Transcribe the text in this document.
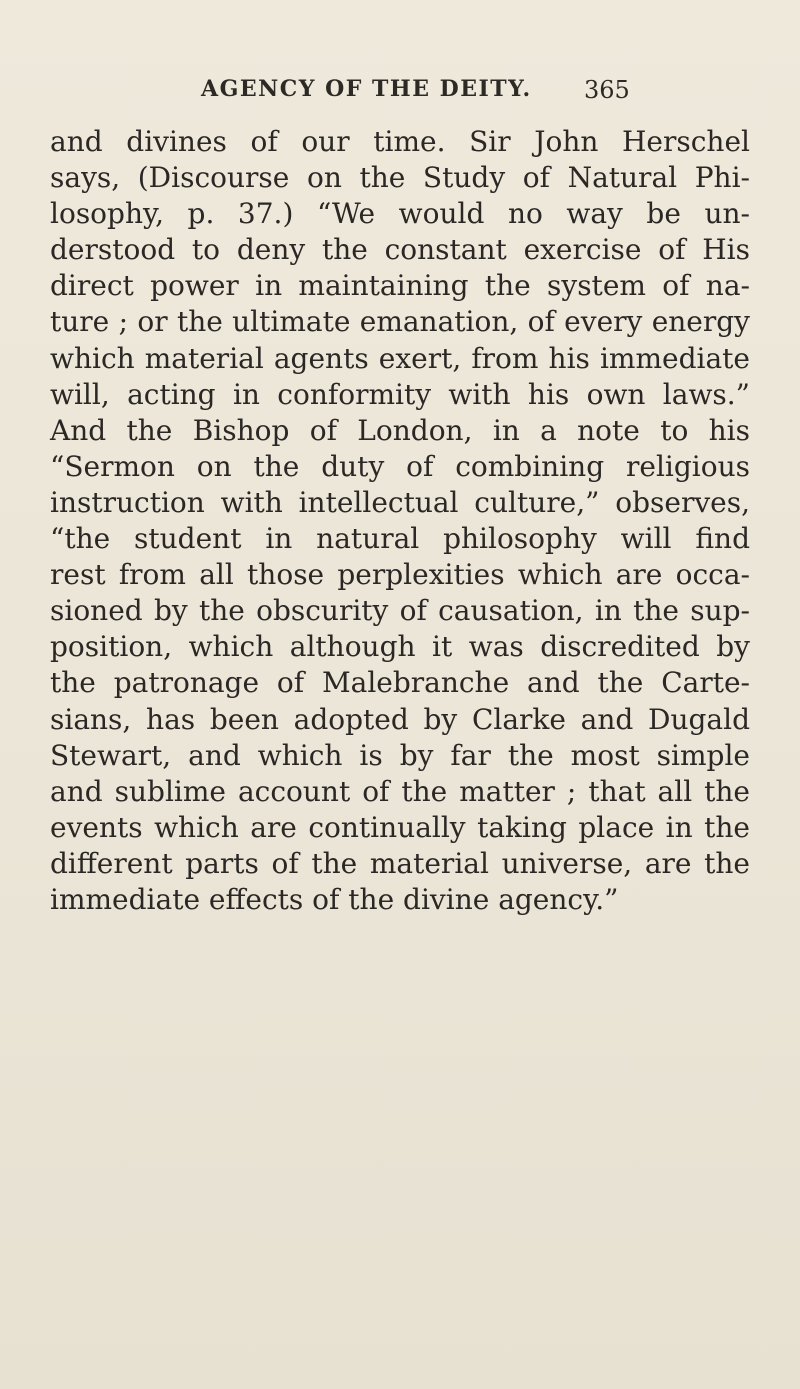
AGENCY OF THE DEITY. 365
and divines of our time. Sir John Herschel
says, (Discourse on the Study of Natural Phi-
losophy, p. 37.) “We would no way be un-
derstood to deny the constant exercise of His
direct power in maintaining the system of na-
ture ; or the ultimate emanation, of every energy
which material agents exert, from his immediate
will, acting in conformity with his own laws.”
And the Bishop of London, in a note to his
“Sermon on the duty of combining religious
instruction with intellectual culture,” observes,
“the student in natural philosophy will find
rest from all those perplexities which are occa-
sioned by the obscurity of causation, in the sup-
position, which although it was discredited by
the patronage of Malebranche and the Carte-
sians, has been adopted by Clarke and Dugald
Stewart, and which is by far the most simple
and sublime account of the matter ; that all the
events which are continually taking place in the
different parts of the material universe, are the
immediate effects of the divine agency.”
